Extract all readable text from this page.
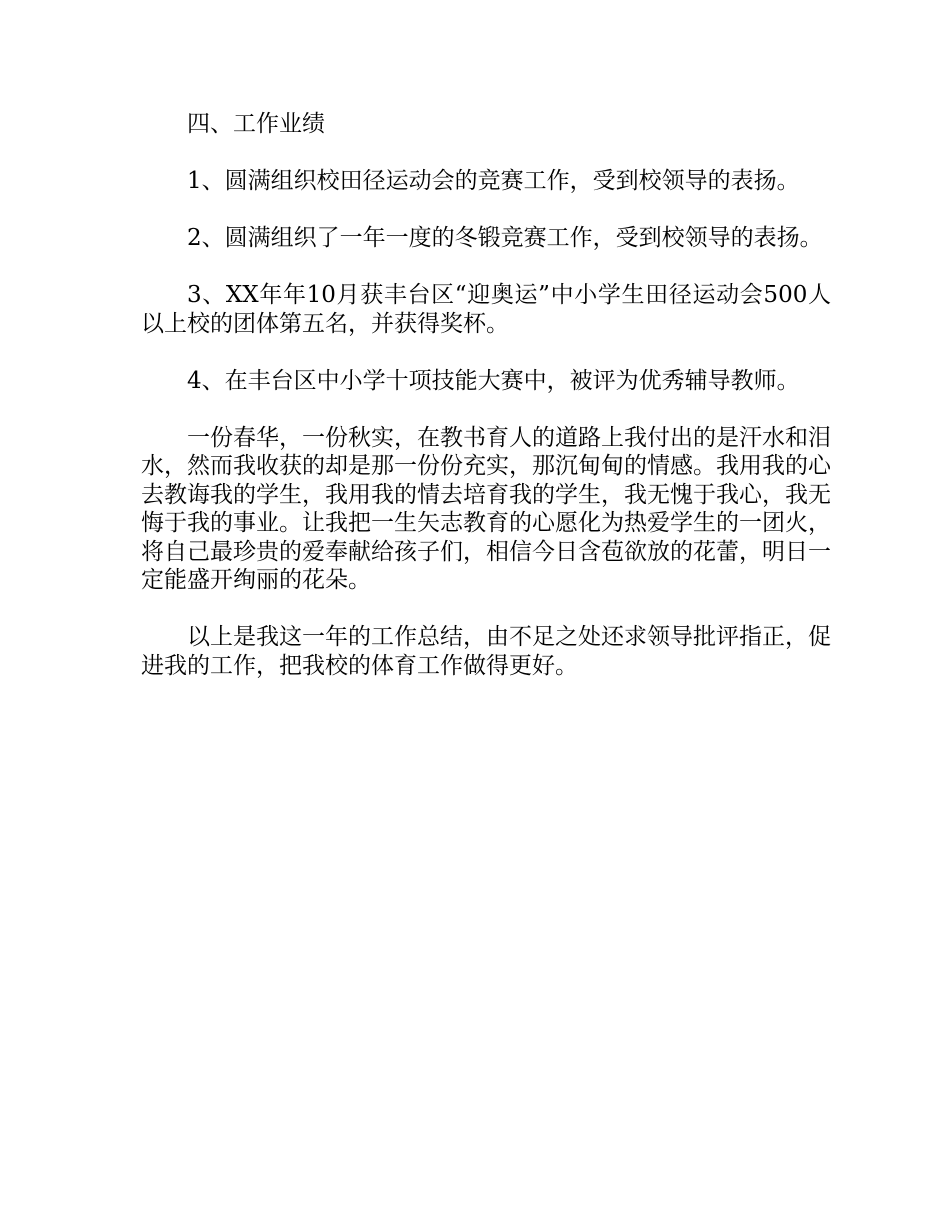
四、工作业绩

1、圆满组织校田径运动会的竞赛工作，受到校领导的表扬。

2、圆满组织了一年一度的冬锻竞赛工作，受到校领导的表扬。

3、XX年年10月获丰台区“迎奥运”中小学生田径运动会500人以上校的团体第五名，并获得奖杯。

4、在丰台区中小学十项技能大赛中，被评为优秀辅导教师。

一份春华，一份秋实，在教书育人的道路上我付出的是汗水和泪水，然而我收获的却是那一份份充实，那沉甸甸的情感。我用我的心去教诲我的学生，我用我的情去培育我的学生，我无愧于我心，我无悔于我的事业。让我把一生矢志教育的心愿化为热爱学生的一团火，将自己最珍贵的爱奉献给孩子们，相信今日含苞欲放的花蕾，明日一定能盛开绚丽的花朵。

以上是我这一年的工作总结，由不足之处还求领导批评指正，促进我的工作，把我校的体育工作做得更好。
